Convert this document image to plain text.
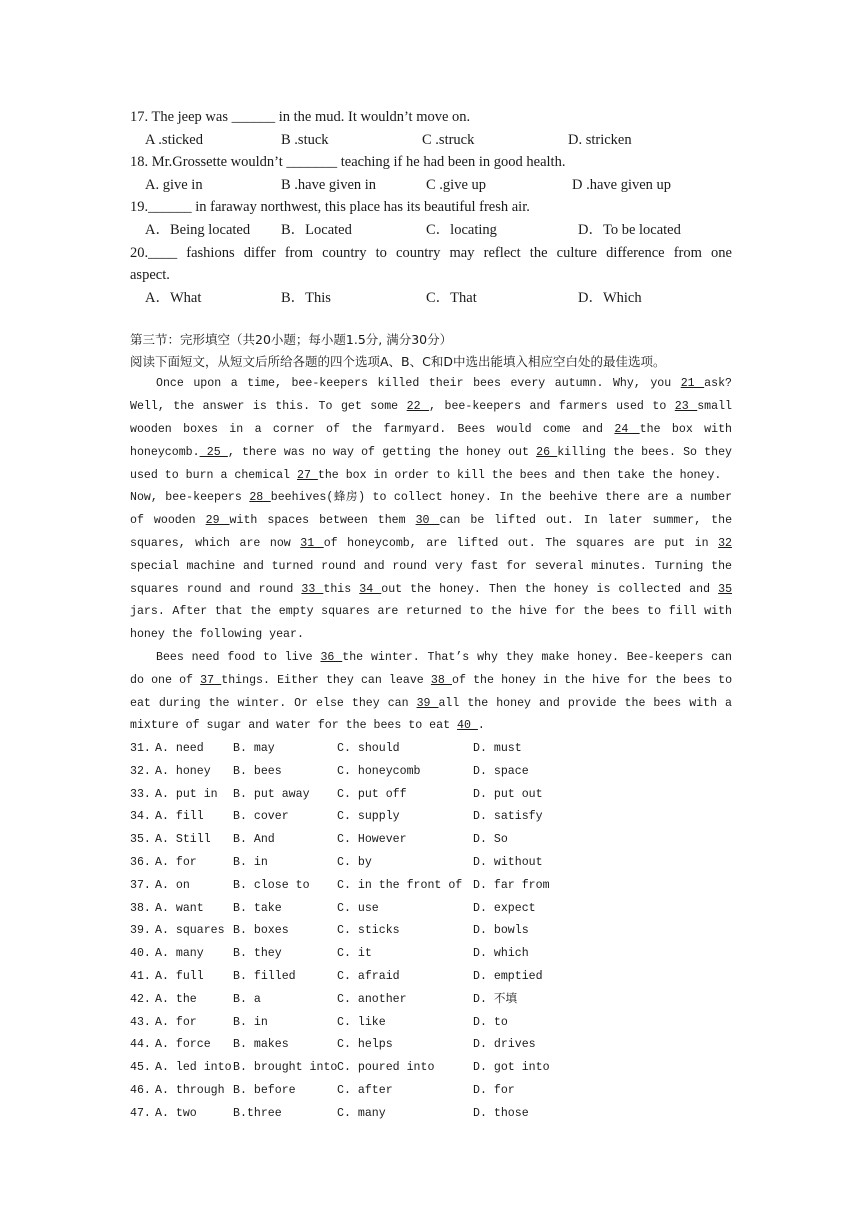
17. The jeep was ______ in the mud. It wouldn’t move on.
A .sticked	B .stuck	C .struck	D. stricken
18. Mr.Grossette wouldn’t _______ teaching if he had been in good health.
A. give in	B .have given in	C .give up	D .have given up
19.______ in faraway northwest, this place has its beautiful fresh air.
A．Being located B．Located	C．locating	D．To be located
20.____ fashions differ from country to country may reflect the culture difference from one
aspect.
A．What	B．This	C．That	D．Which
第三节：完形填空（共20小题；每小题1.5分, 满分30分）
阅读下面短文，从短文后所给各题的四个选项A、B、C和D中选出能填入相应空白处的最佳选项。
Once upon a time, bee-keepers killed their bees every autumn. Why, you 21 ask? Well, the answer is this. To get some 22 , bee-keepers and farmers used to 23 small wooden boxes in a corner of the farmyard. Bees would come and 24 the box with honeycomb. 25 , there was no way of getting the honey out 26 killing the bees. So they used to burn a chemical 27 the box in order to kill the bees and then take the honey.
Now, bee-keepers 28 beehives(蜂房) to collect honey. In the beehive there are a number of wooden 29 with spaces between them 30 can be lifted out. In later summer, the squares, which are now 31 of honeycomb, are lifted out. The squares are put in 32 special machine and turned round and round very fast for several minutes. Turning the squares round and round 33 this 34 out the honey. Then the honey is collected and 35 jars. After that the empty squares are returned to the hive for the bees to fill with honey the following year.
Bees need food to live 36 the winter. That’s why they make honey. Bee-keepers can do one of 37 things. Either they can leave 38 of the honey in the hive for the bees to eat during the winter. Or else they can 39 all the honey and provide the bees with a mixture of sugar and water for the bees to eat 40 .
31. A. need	B. may	C. should	D. must
32. A. honey B. bees	C. honeycomb	D. space
33. A. put in B. put away C. put off	D. put out
34. A. fill	B. cover	C. supply	D. satisfy
35. A. Still B. And	C. However	D. So
36. A. for	B. in	C. by	D. without
37. A. on	B. close to C. in the front of D. far from
38. A. want	B. take	C. use	D. expect
39. A. squares B. boxes	C. sticks	D. bowls
40. A. many	B. they	C. it	D. which
41. A. full	B. filled	C. afraid	D. emptied
42. A. the	B. a	C. another	D. 不填
43. A. for	B. in	C. like	D. to
44. A. force B. makes	C. helps	D. drives
45. A. led into B. brought into C. poured into	D. got into
46. A. through B. before	C. after	D. for
47. A. two	B.three	C. many	D. those
